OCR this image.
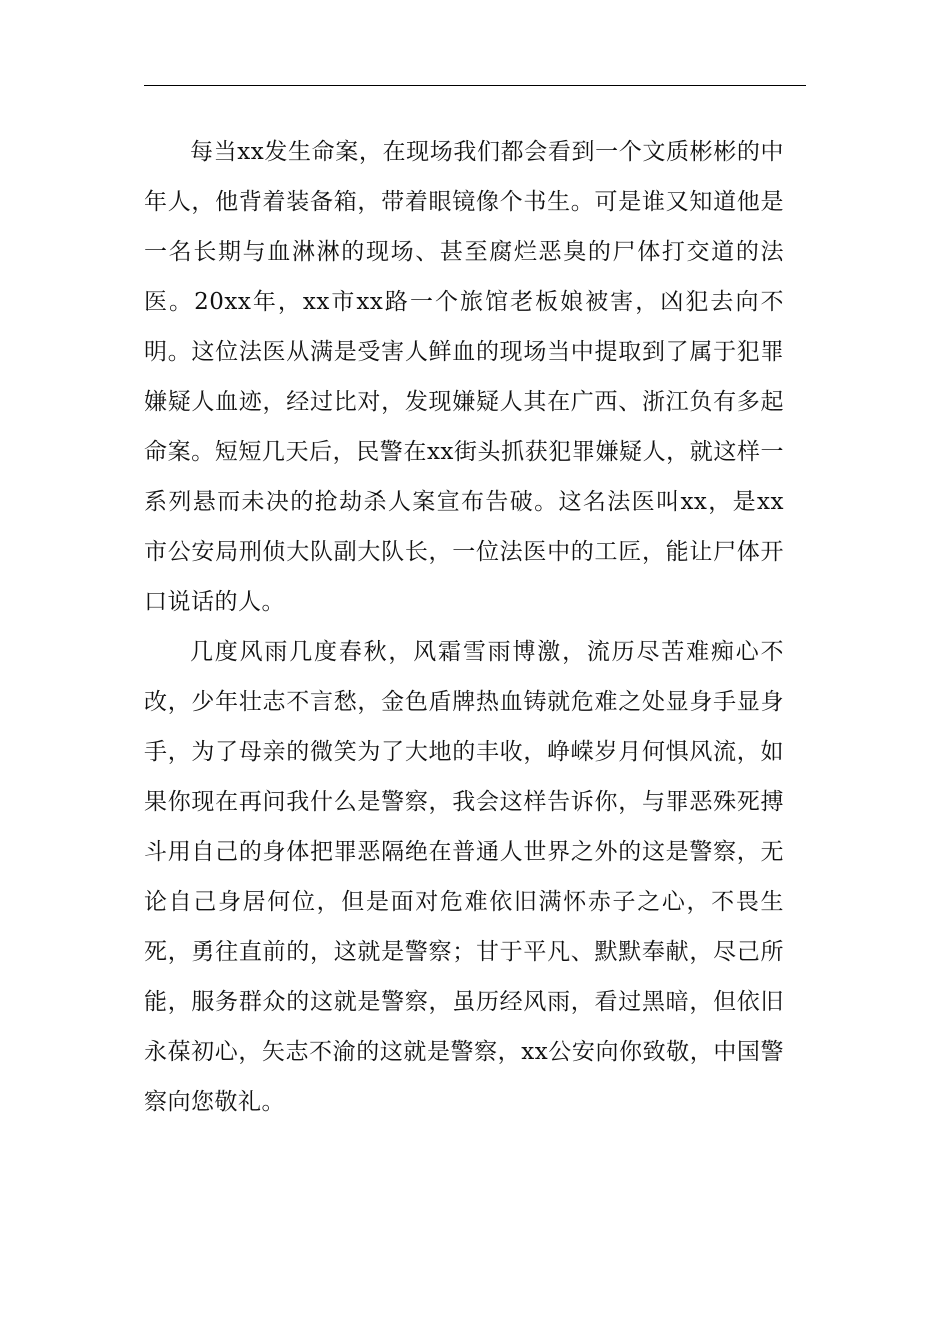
每当xx发生命案，在现场我们都会看到一个文质彬彬的中年人，他背着装备箱，带着眼镜像个书生。可是谁又知道他是一名长期与血淋淋的现场、甚至腐烂恶臭的尸体打交道的法医。20xx年，xx市xx路一个旅馆老板娘被害，凶犯去向不明。这位法医从满是受害人鲜血的现场当中提取到了属于犯罪嫌疑人血迹，经过比对，发现嫌疑人其在广西、浙江负有多起命案。短短几天后，民警在xx街头抓获犯罪嫌疑人，就这样一系列悬而未决的抢劫杀人案宣布告破。这名法医叫xx，是xx市公安局刑侦大队副大队长，一位法医中的工匠，能让尸体开口说话的人。

几度风雨几度春秋，风霜雪雨博激，流历尽苦难痴心不改，少年壮志不言愁，金色盾牌热血铸就危难之处显身手显身手，为了母亲的微笑为了大地的丰收，峥嵘岁月何惧风流，如果你现在再问我什么是警察，我会这样告诉你，与罪恶殊死搏斗用自己的身体把罪恶隔绝在普通人世界之外的这是警察，无论自己身居何位，但是面对危难依旧满怀赤子之心，不畏生死，勇往直前的，这就是警察；甘于平凡、默默奉献，尽己所能，服务群众的这就是警察，虽历经风雨，看过黑暗，但依旧永葆初心，矢志不渝的这就是警察，xx公安向你致敬，中国警察向您敬礼。
